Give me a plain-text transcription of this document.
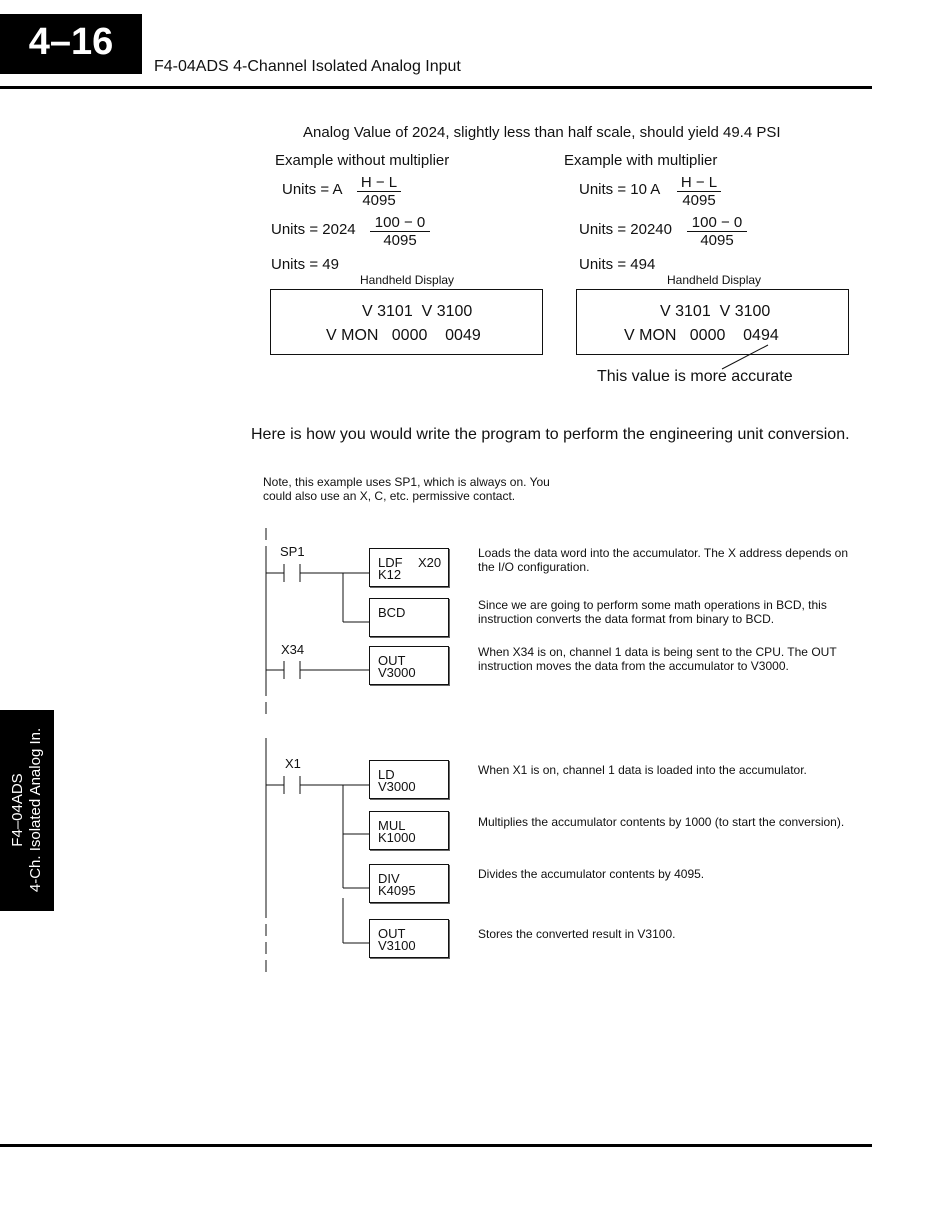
4–16
F4-04ADS 4-Channel Isolated Analog Input
F4–04ADS 4-Ch. Isolated Analog In.
Analog Value of 2024, slightly less than half scale, should yield 49.4 PSI
Example without multiplier
Units = A $\frac{H - L}{4095}$
Units = $2024 \frac{100 - 0}{4095}$
Units = 49
Handheld Display
V 3101  V 3100
V MON   0000    0049
Example with multiplier
Units = 10 A $\frac{H - L}{4095}$
Units = $20240 \frac{100 - 0}{4095}$
Units = 494
Handheld Display
V 3101  V 3100
V MON   0000    0494
This value is more accurate
Here is how you would write the program to perform the engineering unit conversion.
Note, this example uses SP1, which is always on. You could also use an X, C, etc. permissive contact.
SP1
X34
X1
LDF X20
K12
Loads the data word into the accumulator. The X address depends on the I/O configuration.
BCD	Since we are going to perform some math operations in BCD, this instruction converts the data format from binary to BCD.
OUT
V3000
When X34 is on, channel 1 data is being sent to the CPU. The OUT instruction moves the data from the accumulator to V3000.
LD
V3000
When X1 is on, channel 1 data is loaded into the accumulator.
MUL
K1000
Multiplies the accumulator contents by 1000 (to start the conversion).
DIV
K4095
Divides the accumulator contents by 4095.
OUT
V3100
Stores the converted result in V3100.
